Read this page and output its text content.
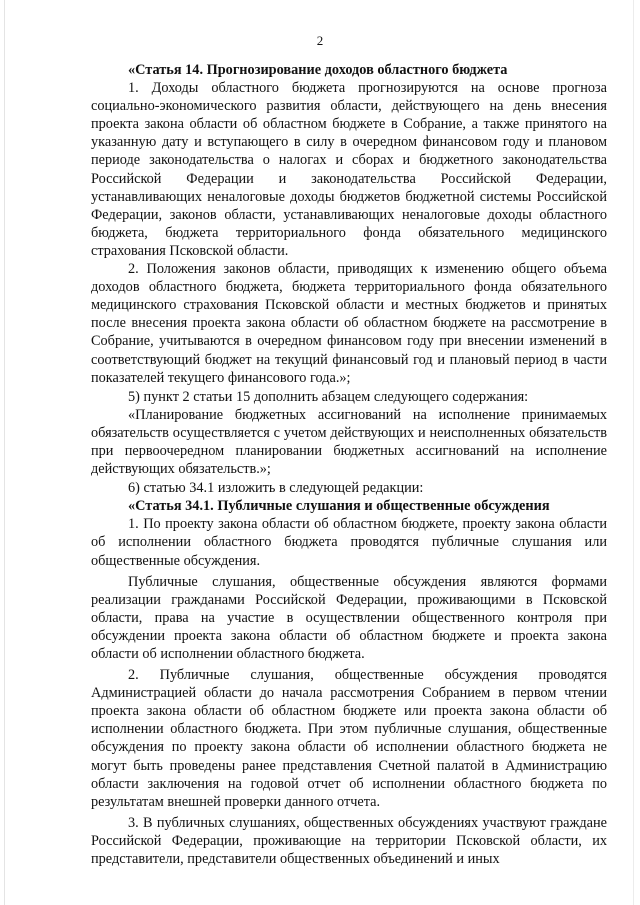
2

«Статья 14. Прогнозирование доходов областного бюджета

1. Доходы областного бюджета прогнозируются на основе прогноза социально-экономического развития области, действующего на день внесения проекта закона области об областном бюджете в Собрание, а также принятого на указанную дату и вступающего в силу в очередном финансовом году и плановом периоде законодательства о налогах и сборах и бюджетного законодательства Российской Федерации и законодательства Российской Федерации, устанавливающих неналоговые доходы бюджетов бюджетной системы Российской Федерации, законов области, устанавливающих неналоговые доходы областного бюджета, бюджета территориального фонда обязательного медицинского страхования Псковской области.

2. Положения законов области, приводящих к изменению общего объема доходов областного бюджета, бюджета территориального фонда обязательного медицинского страхования Псковской области и местных бюджетов и принятых после внесения проекта закона области об областном бюджете на рассмотрение в Собрание, учитываются в очередном финансовом году при внесении изменений в соответствующий бюджет на текущий финансовый год и плановый период в части показателей текущего финансового года.»;

5) пункт 2 статьи 15 дополнить абзацем следующего содержания:

«Планирование бюджетных ассигнований на исполнение принимаемых обязательств осуществляется с учетом действующих и неисполненных обязательств при первоочередном планировании бюджетных ассигнований на исполнение действующих обязательств.»;

6) статью 34.1 изложить в следующей редакции:

«Статья 34.1. Публичные слушания и общественные обсуждения

1. По проекту закона области об областном бюджете, проекту закона области об исполнении областного бюджета проводятся публичные слушания или общественные обсуждения.

Публичные слушания, общественные обсуждения являются формами реализации гражданами Российской Федерации, проживающими в Псковской области, права на участие в осуществлении общественного контроля при обсуждении проекта закона области об областном бюджете и проекта закона области об исполнении областного бюджета.

2. Публичные слушания, общественные обсуждения проводятся Администрацией области до начала рассмотрения Собранием в первом чтении проекта закона области об областном бюджете или проекта закона области об исполнении областного бюджета. При этом публичные слушания, общественные обсуждения по проекту закона области об исполнении областного бюджета не могут быть проведены ранее представления Счетной палатой в Администрацию области заключения на годовой отчет об исполнении областного бюджета по результатам внешней проверки данного отчета.

3. В публичных слушаниях, общественных обсуждениях участвуют граждане Российской Федерации, проживающие на территории Псковской области, их представители, представители общественных объединений и иных
